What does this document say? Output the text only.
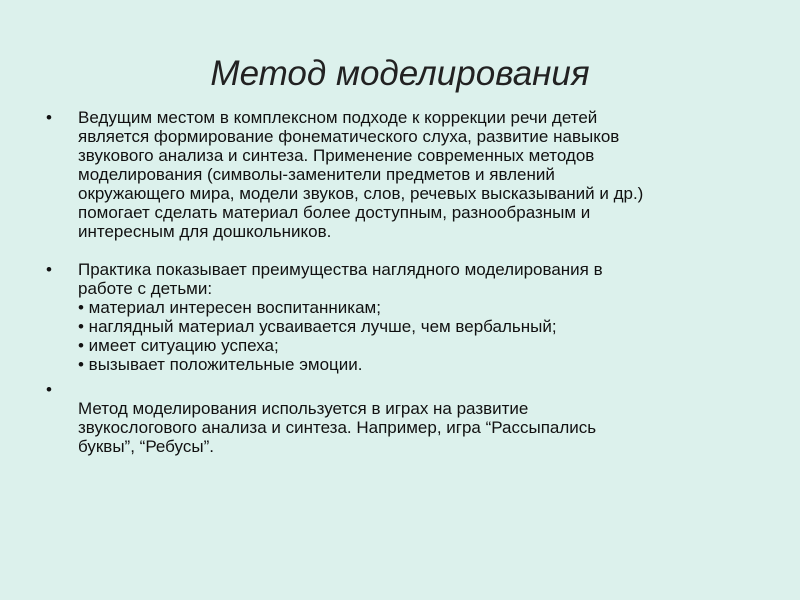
Метод моделирования
•	Ведущим местом в комплексном подходе к коррекции речи детей
является формирование фонематического слуха, развитие навыков
звукового анализа и синтеза. Применение современных методов
моделирования (символы-заменители предметов и явлений
окружающего мира, модели звуков, слов, речевых высказываний и др.)
помогает сделать материал более доступным, разнообразным и
интересным для дошкольников.
•	Практика показывает преимущества наглядного моделирования в
работе с детьми:
• материал интересен воспитанникам;
• наглядный материал усваивается лучше, чем вербальный;
• имеет ситуацию успеха;
• вызывает положительные эмоции.
•

Метод моделирования используется в играх на развитие
звукослогового анализа и синтеза. Например, игра “Рассыпались
буквы”, “Ребусы”.
